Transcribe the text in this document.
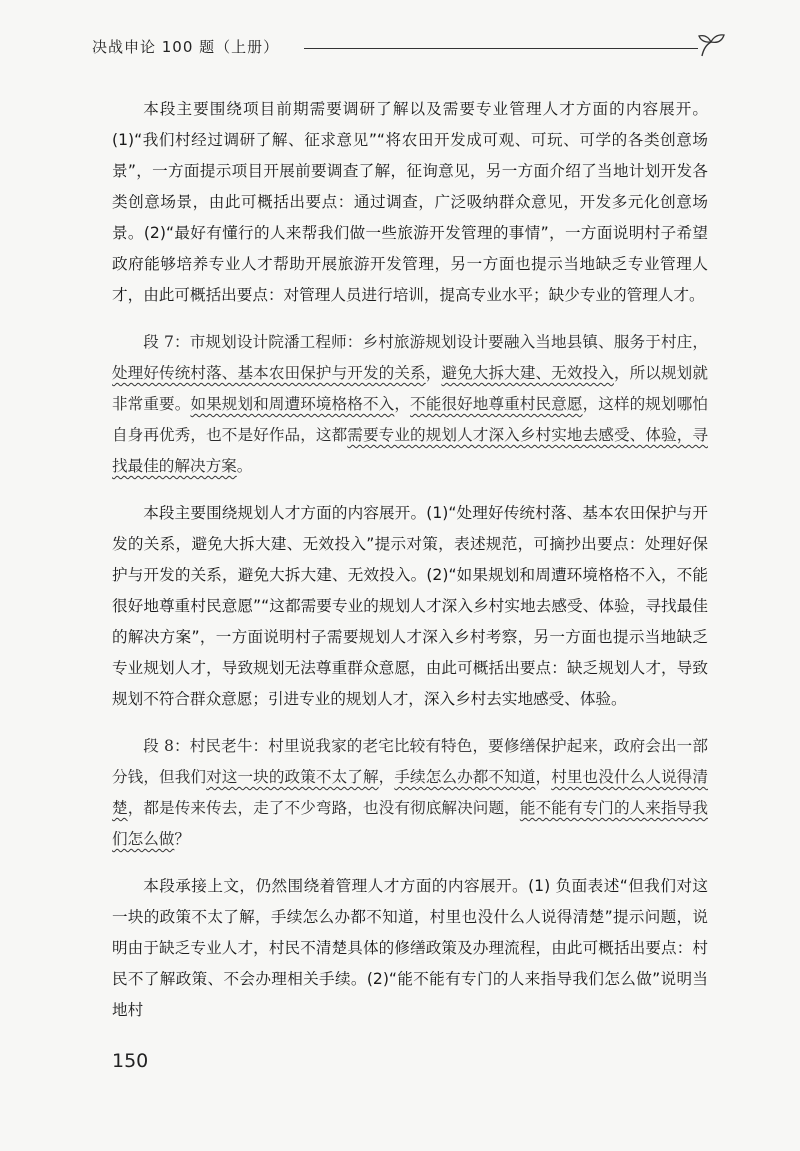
决战申论 100 题（上册）

本段主要围绕项目前期需要调研了解以及需要专业管理人才方面的内容展开。(1)“我们村经过调研了解、征求意见”“将农田开发成可观、可玩、可学的各类创意场景”，一方面提示项目开展前要调查了解，征询意见，另一方面介绍了当地计划开发各类创意场景，由此可概括出要点：通过调查，广泛吸纳群众意见，开发多元化创意场景。(2)“最好有懂行的人来帮我们做一些旅游开发管理的事情”，一方面说明村子希望政府能够培养专业人才帮助开展旅游开发管理，另一方面也提示当地缺乏专业管理人才，由此可概括出要点：对管理人员进行培训，提高专业水平；缺少专业的管理人才。

段 7：市规划设计院潘工程师：乡村旅游规划设计要融入当地县镇、服务于村庄，处理好传统村落、基本农田保护与开发的关系，避免大拆大建、无效投入，所以规划就非常重要。如果规划和周遭环境格格不入，不能很好地尊重村民意愿，这样的规划哪怕自身再优秀，也不是好作品，这都需要专业的规划人才深入乡村实地去感受、体验，寻找最佳的解决方案。

本段主要围绕规划人才方面的内容展开。(1)“处理好传统村落、基本农田保护与开发的关系，避免大拆大建、无效投入”提示对策，表述规范，可摘抄出要点：处理好保护与开发的关系，避免大拆大建、无效投入。(2)“如果规划和周遭环境格格不入，不能很好地尊重村民意愿”“这都需要专业的规划人才深入乡村实地去感受、体验，寻找最佳的解决方案”，一方面说明村子需要规划人才深入乡村考察，另一方面也提示当地缺乏专业规划人才，导致规划无法尊重群众意愿，由此可概括出要点：缺乏规划人才，导致规划不符合群众意愿；引进专业的规划人才，深入乡村去实地感受、体验。

段 8：村民老牛：村里说我家的老宅比较有特色，要修缮保护起来，政府会出一部分钱，但我们对这一块的政策不太了解，手续怎么办都不知道，村里也没什么人说得清楚，都是传来传去，走了不少弯路，也没有彻底解决问题，能不能有专门的人来指导我们怎么做？

本段承接上文，仍然围绕着管理人才方面的内容展开。(1) 负面表述“但我们对这一块的政策不太了解，手续怎么办都不知道，村里也没什么人说得清楚”提示问题，说明由于缺乏专业人才，村民不清楚具体的修缮政策及办理流程，由此可概括出要点：村民不了解政策、不会办理相关手续。(2)“能不能有专门的人来指导我们怎么做”说明当地村

150
